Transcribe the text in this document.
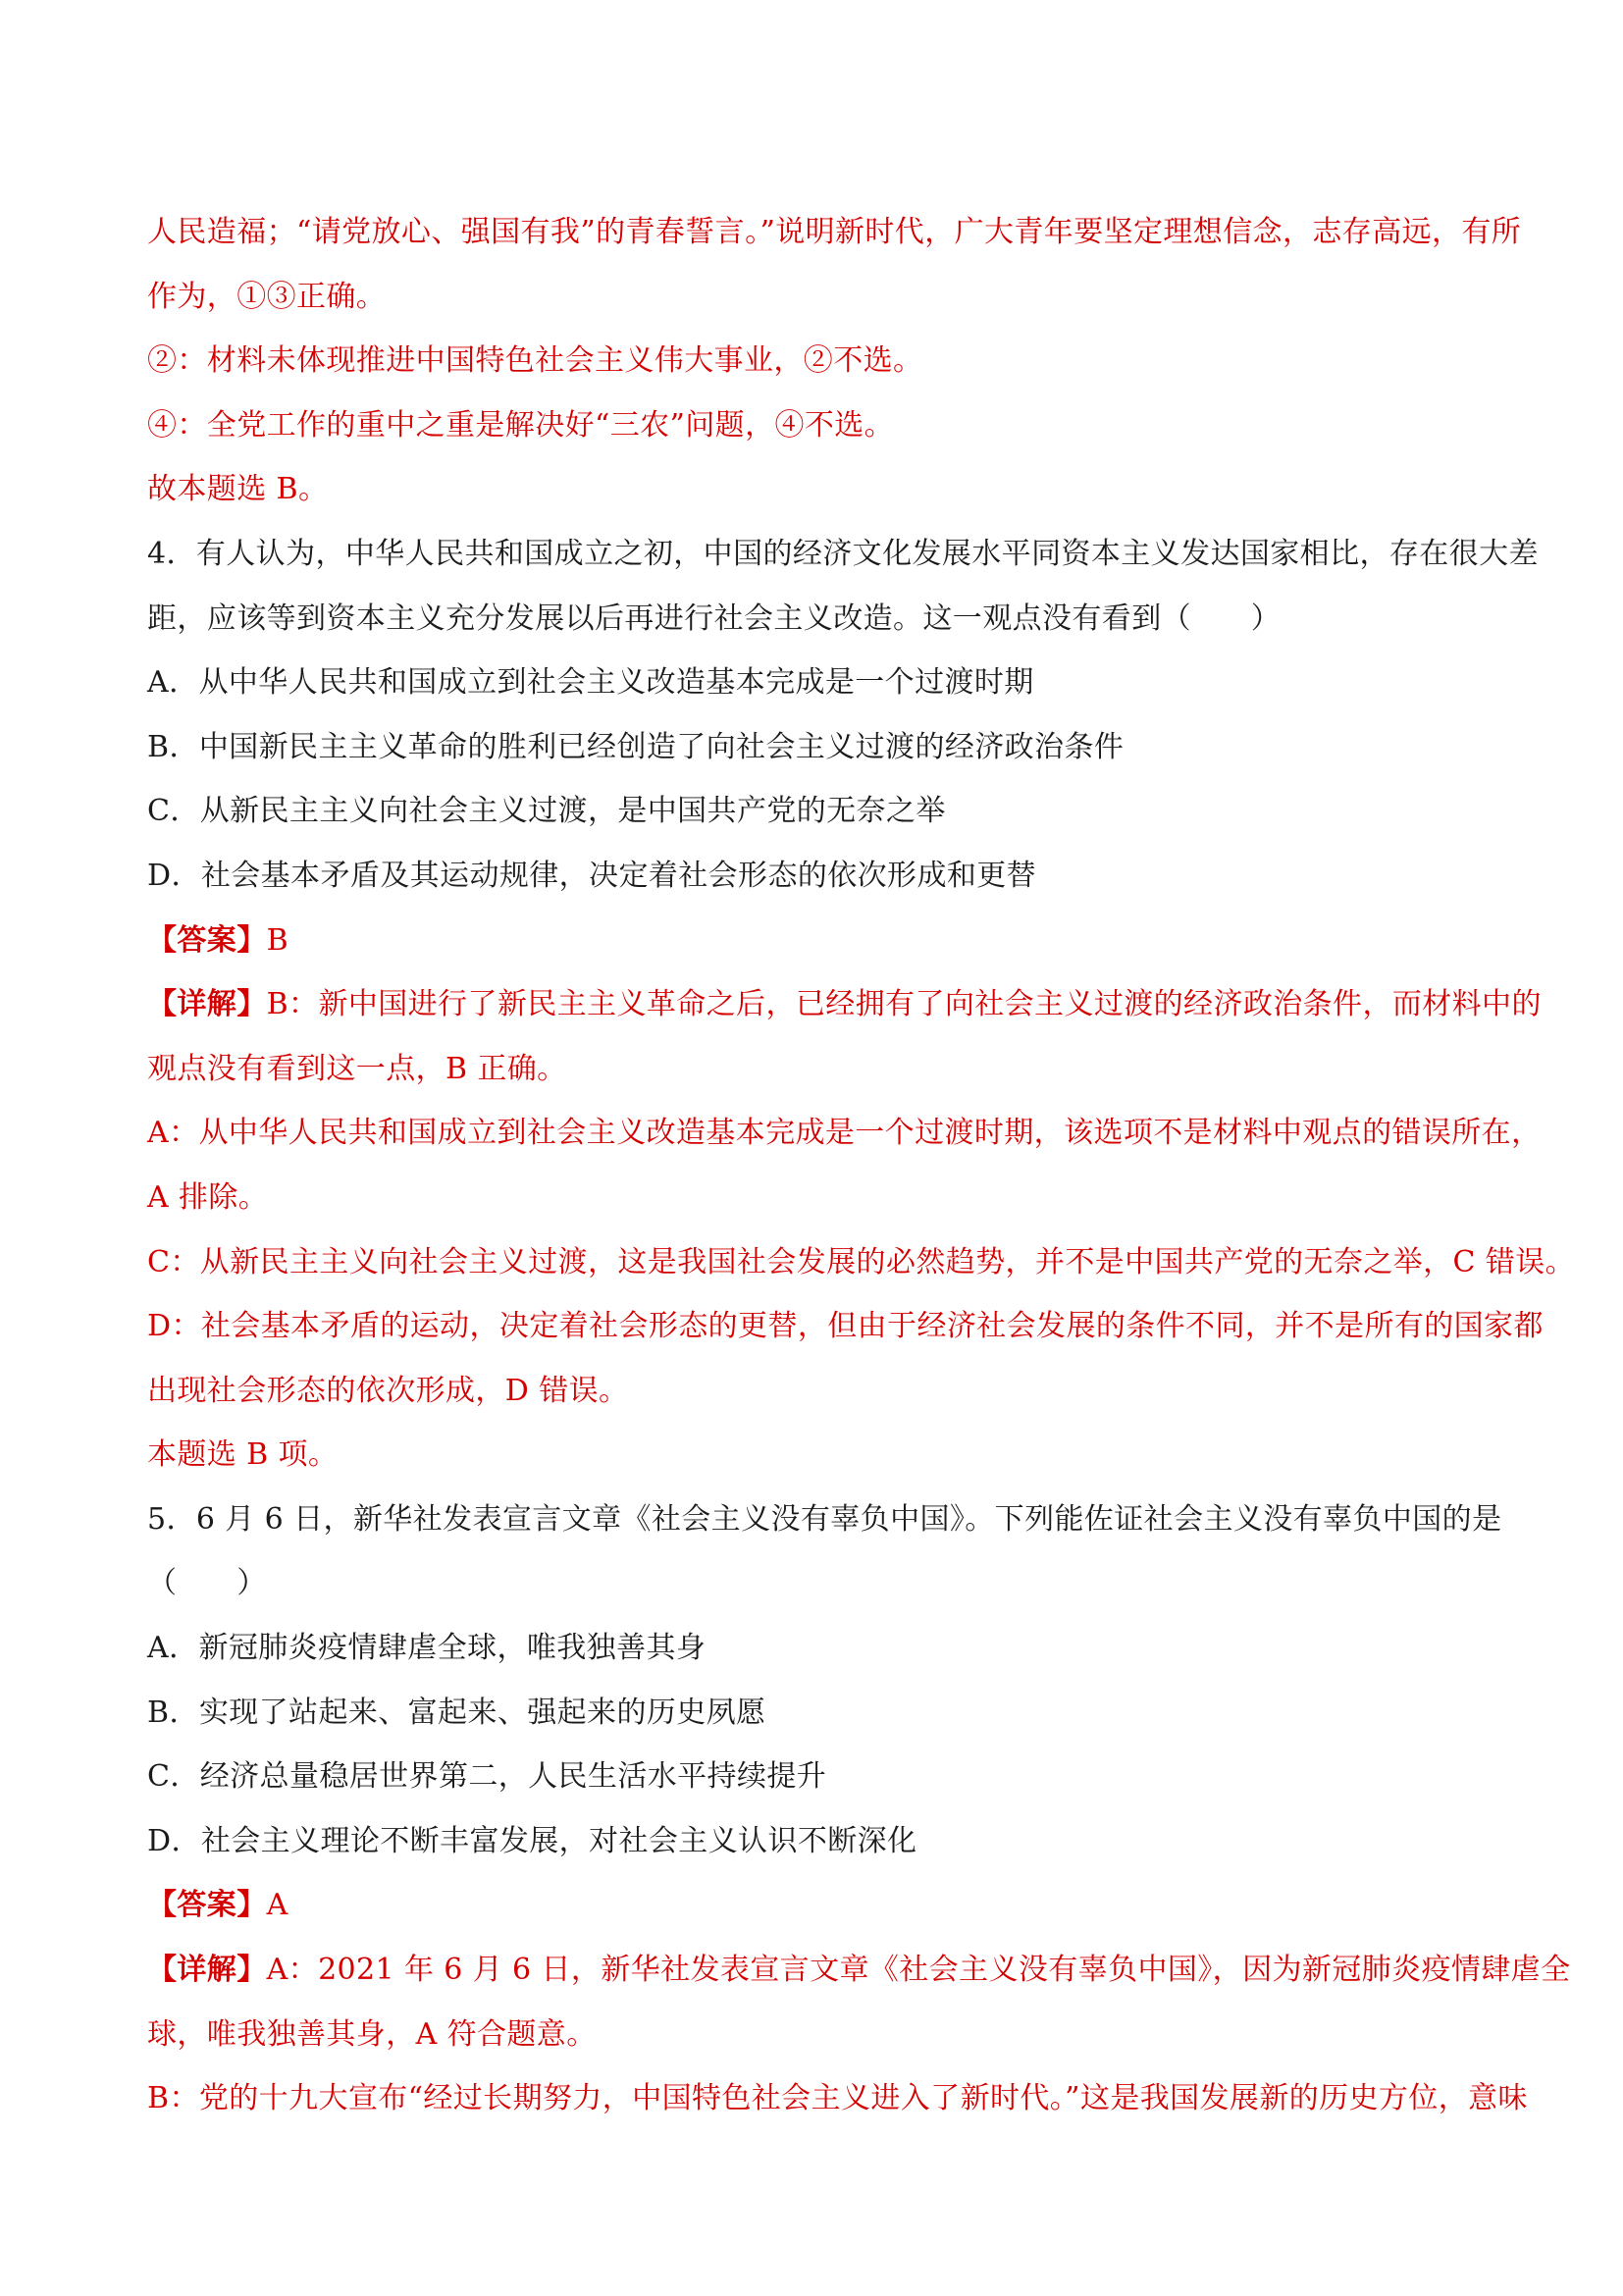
人民造福；“请党放心、强国有我”的青春誓言。”说明新时代，广大青年要坚定理想信念，志存高远，有所
作为，①③正确。
②：材料未体现推进中国特色社会主义伟大事业，②不选。
④：全党工作的重中之重是解决好“三农”问题，④不选。
故本题选 B。
4．有人认为，中华人民共和国成立之初，中国的经济文化发展水平同资本主义发达国家相比，存在很大差
距，应该等到资本主义充分发展以后再进行社会主义改造。这一观点没有看到（　　）
A．从中华人民共和国成立到社会主义改造基本完成是一个过渡时期
B．中国新民主主义革命的胜利已经创造了向社会主义过渡的经济政治条件
C．从新民主主义向社会主义过渡，是中国共产党的无奈之举
D．社会基本矛盾及其运动规律，决定着社会形态的依次形成和更替
【答案】B
【详解】B：新中国进行了新民主主义革命之后，已经拥有了向社会主义过渡的经济政治条件，而材料中的
观点没有看到这一点，B 正确。
A：从中华人民共和国成立到社会主义改造基本完成是一个过渡时期，该选项不是材料中观点的错误所在，
A 排除。
C：从新民主主义向社会主义过渡，这是我国社会发展的必然趋势，并不是中国共产党的无奈之举，C 错误。
D：社会基本矛盾的运动，决定着社会形态的更替，但由于经济社会发展的条件不同，并不是所有的国家都
出现社会形态的依次形成，D 错误。
本题选 B 项。
5．6 月 6 日，新华社发表宣言文章《社会主义没有辜负中国》。下列能佐证社会主义没有辜负中国的是
（　　）
A．新冠肺炎疫情肆虐全球，唯我独善其身
B．实现了站起来、富起来、强起来的历史夙愿
C．经济总量稳居世界第二，人民生活水平持续提升
D．社会主义理论不断丰富发展，对社会主义认识不断深化
【答案】A
【详解】A：2021 年 6 月 6 日，新华社发表宣言文章《社会主义没有辜负中国》，因为新冠肺炎疫情肆虐全
球，唯我独善其身，A 符合题意。
B：党的十九大宣布“经过长期努力，中国特色社会主义进入了新时代。”这是我国发展新的历史方位，意味
